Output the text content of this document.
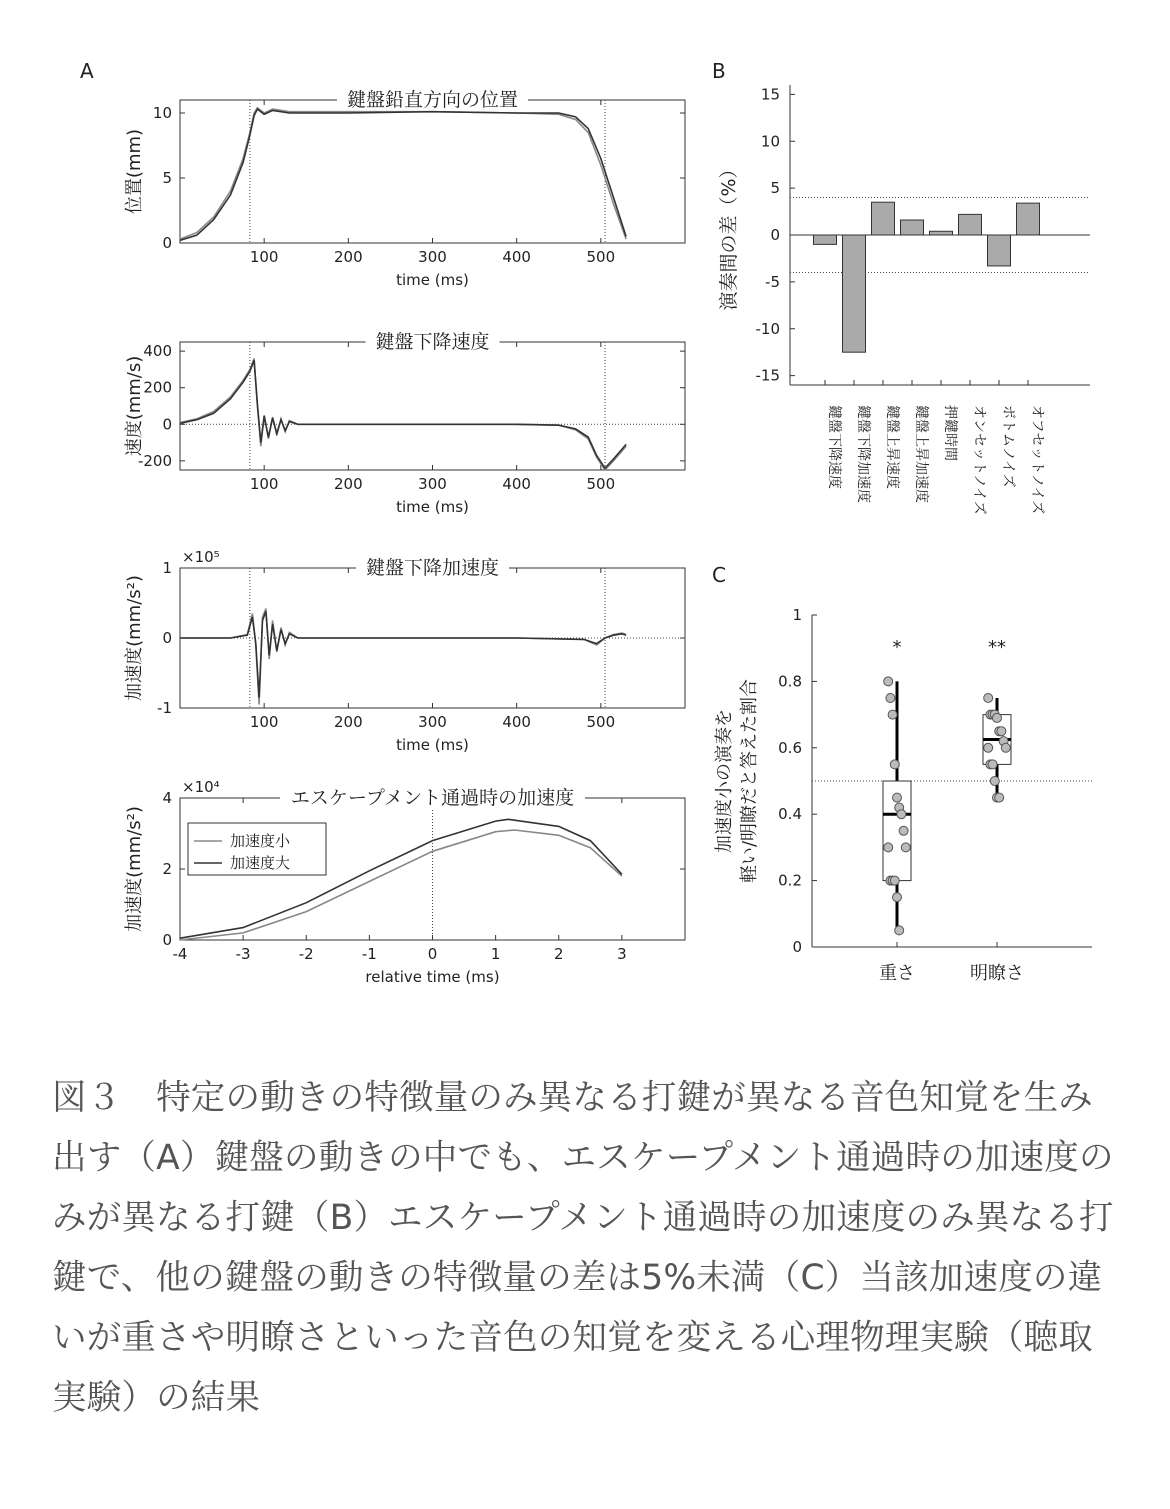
A	B
C
100	200	300	400	500
0
5
10
鍵盤鉛直方向の位置
time (ms)
位置(mm)
100	200	300	400	500
-200
0
200
400	鍵盤下降速度
time (ms)
速度(mm/s)
100	200	300	400	500
-1
0
1	鍵盤下降加速度
time (ms)
加速度(mm/s²)
×10⁵
-4	-3	-2	-1	0	1	2	3
0
2
4	エスケープメント通過時の加速度
relative time (ms)
加速度(mm/s²)
×10⁴
加速度小
加速度大
-15
-10
-5
0
5
10
15
鍵盤下降速度 鍵盤下降加速度 鍵盤上昇速度 鍵盤上昇加速度 押鍵時間 オンセットノイズ ボトムノイズ オフセットノイズ
演奏間の差（%）
0
0.2
0.4
0.6
0.8
1
*
重さ
**
明瞭さ
加速度小の演奏を 軽い/明瞭だと答えた割合
図３　特定の動きの特徴量のみ異なる打鍵が異なる音色知覚を生み出す（A）鍵盤の動きの中でも、エスケープメント通過時の加速度のみが異なる打鍵（B）エスケープメント通過時の加速度のみ異なる打鍵で、他の鍵盤の動きの特徴量の差は5%未満（C）当該加速度の違いが重さや明瞭さといった音色の知覚を変える心理物理実験（聴取実験）の結果
